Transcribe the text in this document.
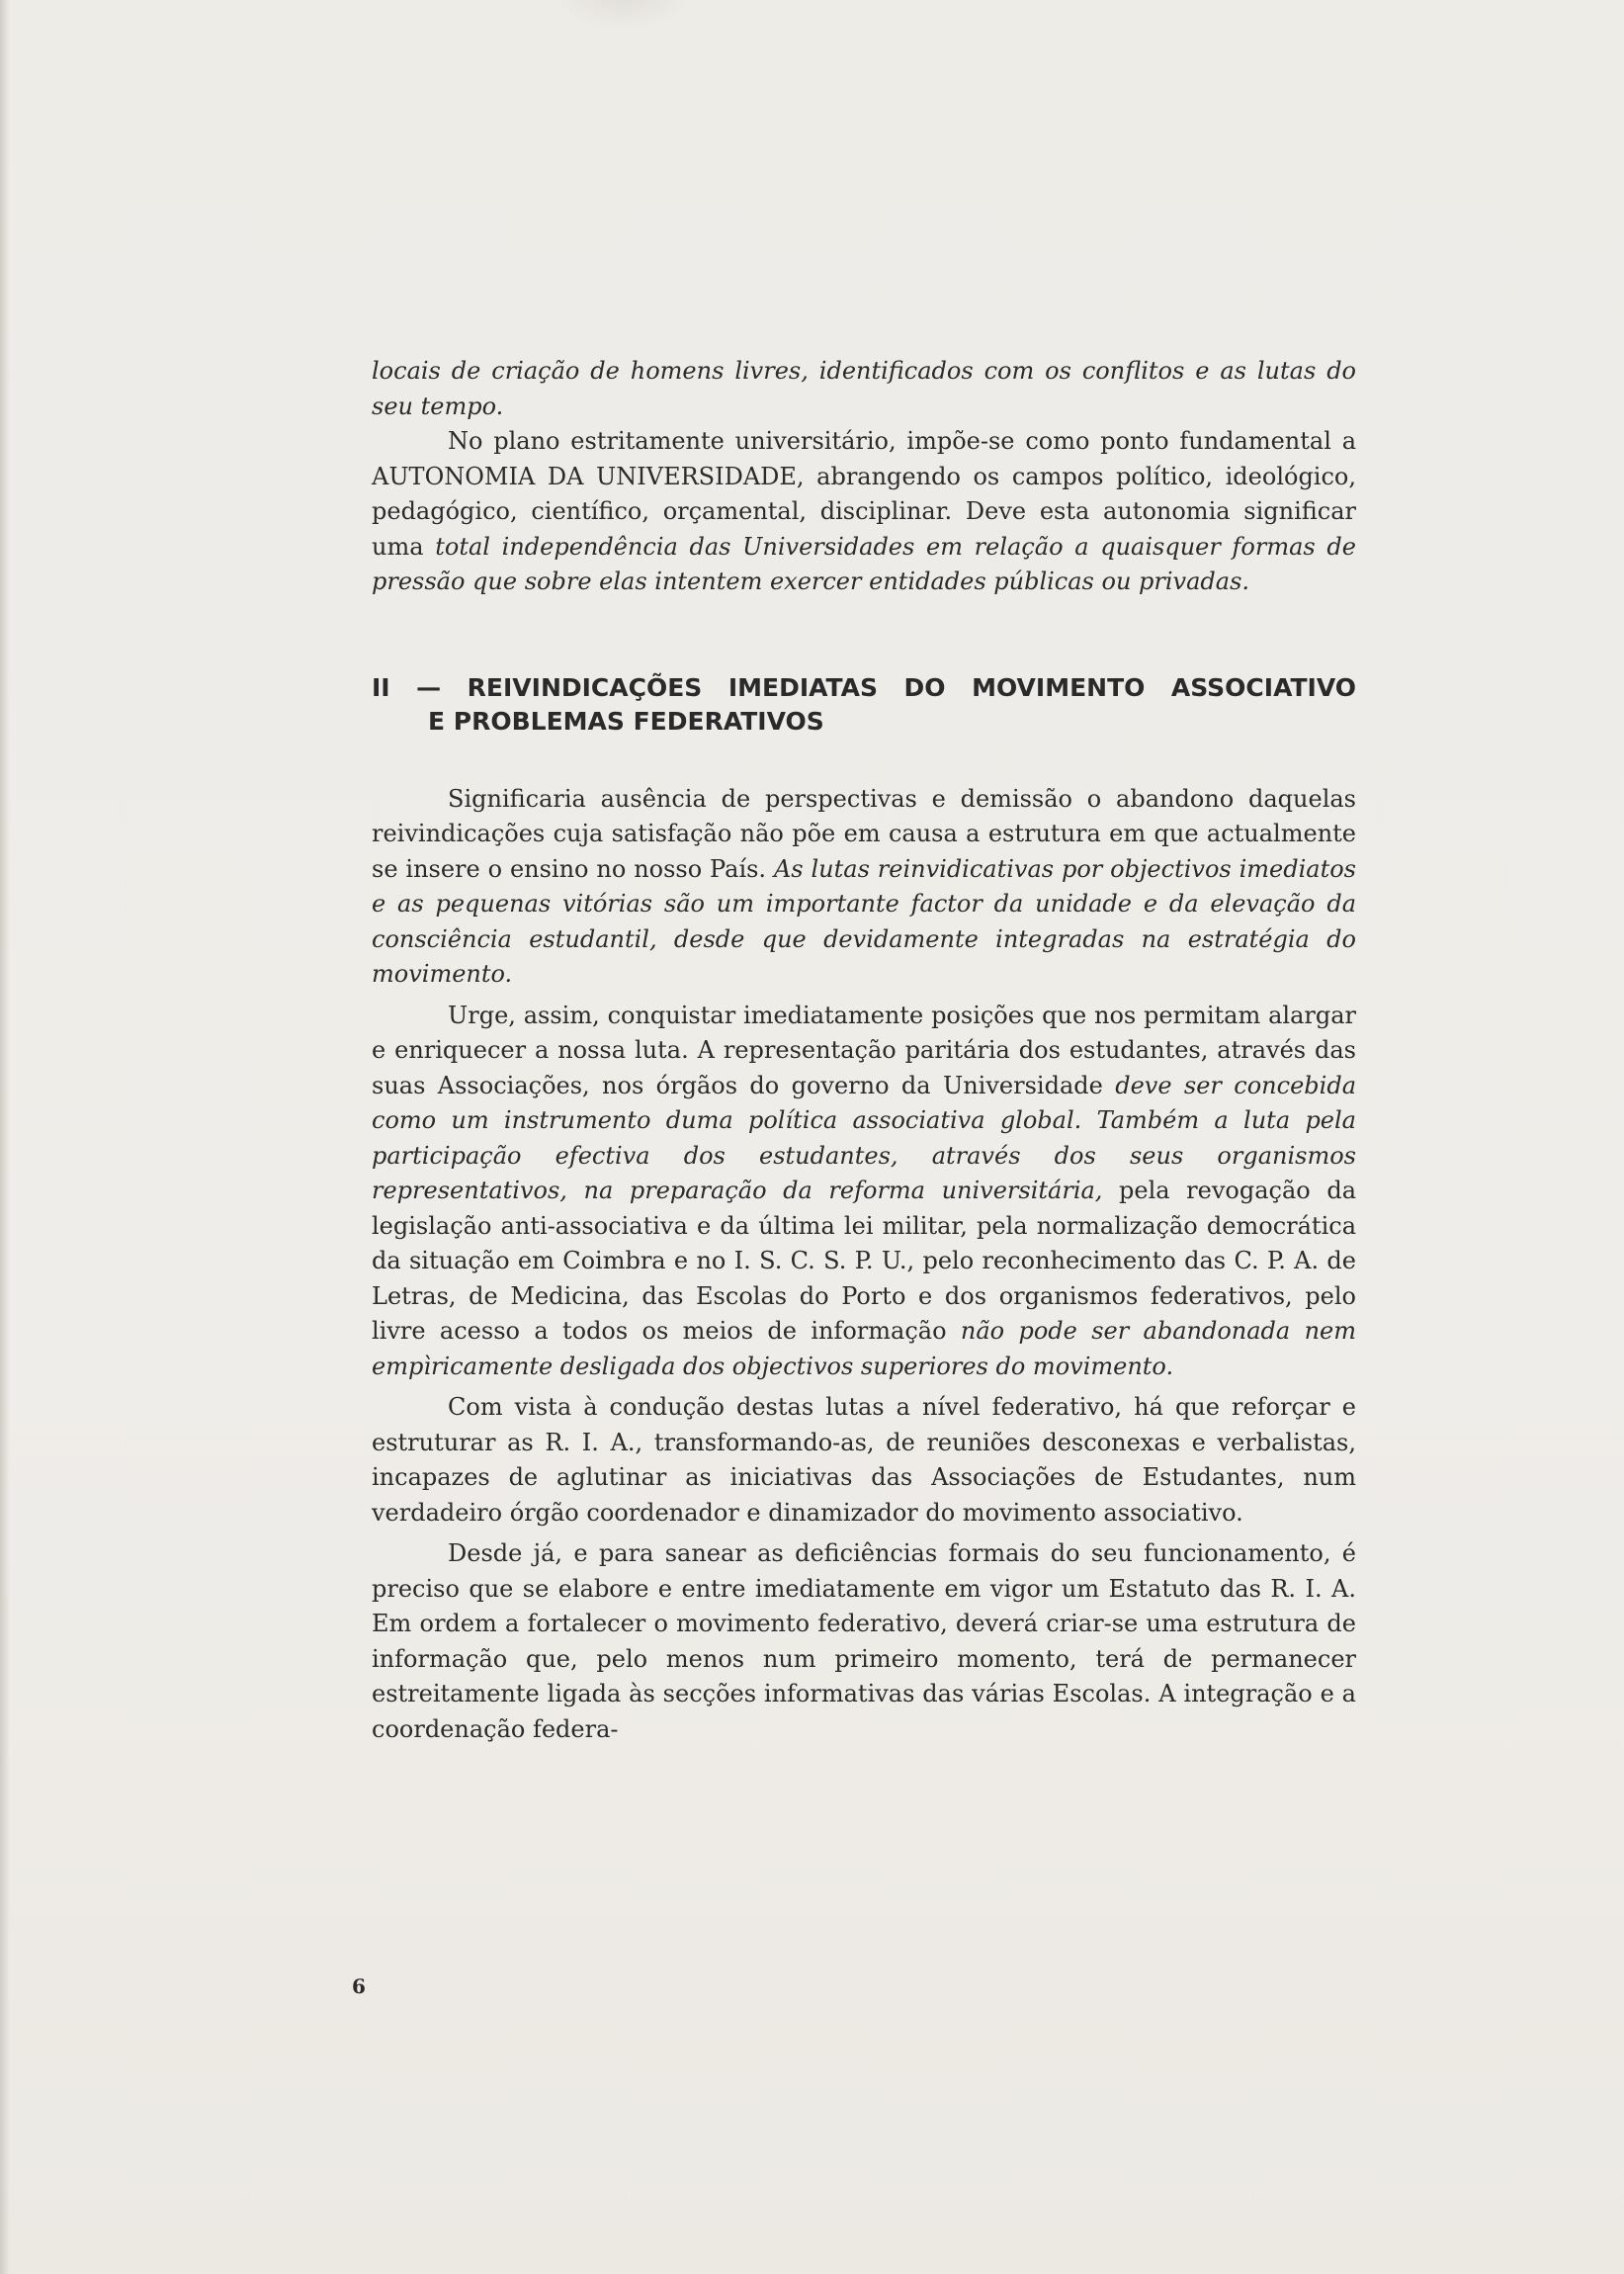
locais de criação de homens livres, identificados com os conflitos e as lutas do seu tempo.

No plano estritamente universitário, impõe-se como ponto fundamental a AUTONOMIA DA UNIVERSIDADE, abrangendo os campos político, ideológico, pedagógico, científico, orçamental, disciplinar. Deve esta autonomia significar uma total independência das Universidades em relação a quaisquer formas de pressão que sobre elas intentem exercer entidades públicas ou privadas.

II — REIVINDICAÇÕES IMEDIATAS DO MOVIMENTO ASSOCIATIVO
E PROBLEMAS FEDERATIVOS

Significaria ausência de perspectivas e demissão o abandono daquelas reivindicações cuja satisfação não põe em causa a estrutura em que actualmente se insere o ensino no nosso País. As lutas reinvidicativas por objectivos imediatos e as pequenas vitórias são um importante factor da unidade e da elevação da consciência estudantil, desde que devidamente integradas na estratégia do movimento.

Urge, assim, conquistar imediatamente posições que nos permitam alargar e enriquecer a nossa luta. A representação paritária dos estudantes, através das suas Associações, nos órgãos do governo da Universidade deve ser concebida como um instrumento duma política associativa global. Também a luta pela participação efectiva dos estudantes, através dos seus organismos representativos, na preparação da reforma universitária, pela revogação da legislação anti-associativa e da última lei militar, pela normalização democrática da situação em Coimbra e no I. S. C. S. P. U., pelo reconhecimento das C. P. A. de Letras, de Medicina, das Escolas do Porto e dos organismos federativos, pelo livre acesso a todos os meios de informação não pode ser abandonada nem empìricamente desligada dos objectivos superiores do movimento.

Com vista à condução destas lutas a nível federativo, há que reforçar e estruturar as R. I. A., transformando-as, de reuniões desconexas e verbalistas, incapazes de aglutinar as iniciativas das Associações de Estudantes, num verdadeiro órgão coordenador e dinamizador do movimento associativo.

Desde já, e para sanear as deficiências formais do seu funcionamento, é preciso que se elabore e entre imediatamente em vigor um Estatuto das R. I. A. Em ordem a fortalecer o movimento federativo, deverá criar-se uma estrutura de informação que, pelo menos num primeiro momento, terá de permanecer estreitamente ligada às secções informativas das várias Escolas. A integração e a coordenação federa-

6
